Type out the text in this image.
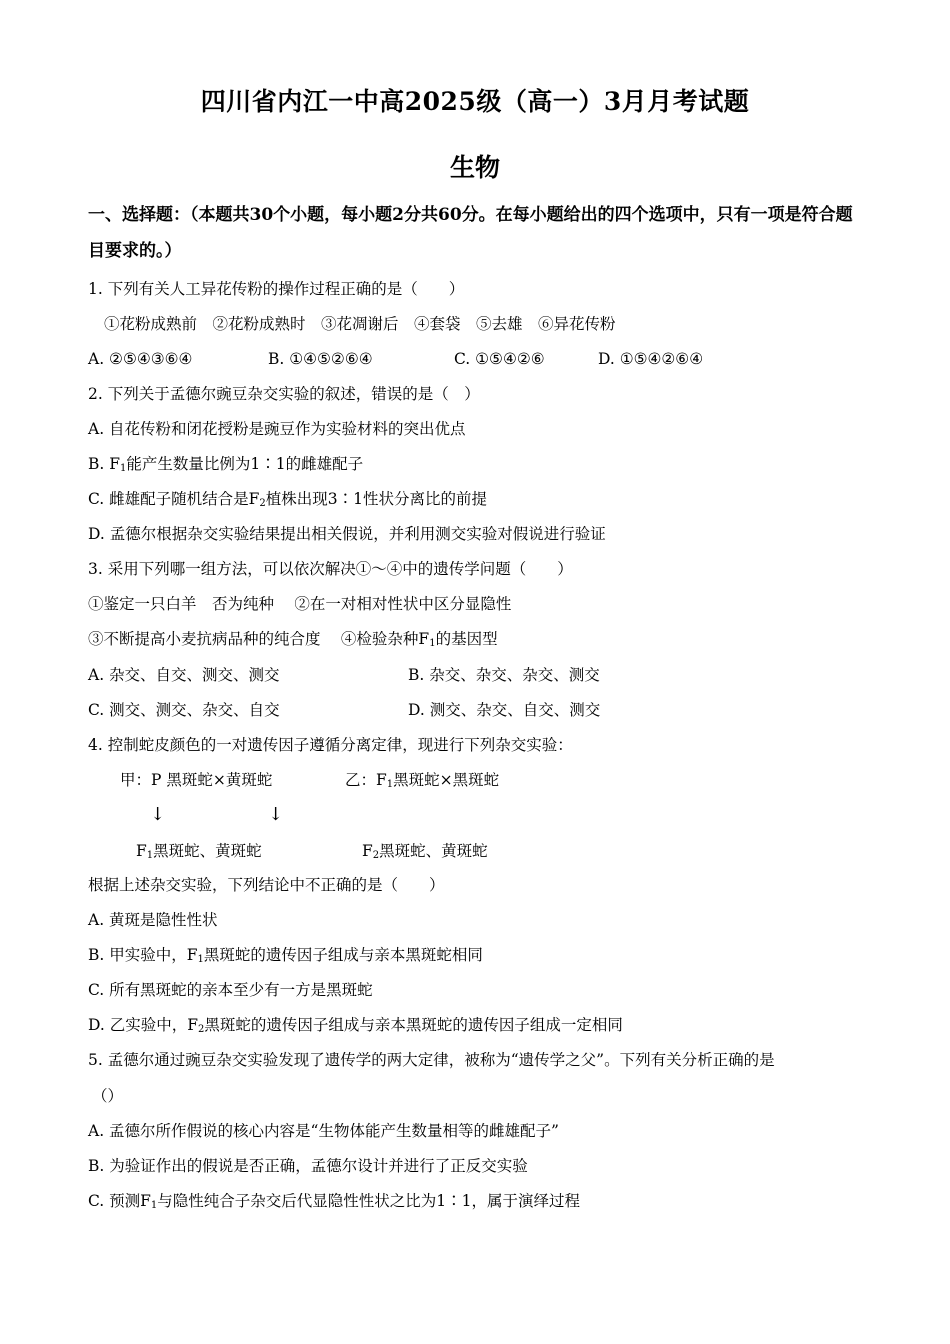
四川省内江一中高2025级（高一）3月月考试题
生物
一、选择题：（本题共30个小题，每小题2分共60分。在每小题给出的四个选项中，只有一项是符合题目要求的。）
1. 下列有关人工异花传粉的操作过程正确的是（　　）
①花粉成熟前　②花粉成熟时　③花凋谢后　④套袋　⑤去雄　⑥异花传粉
A. ②⑤④③⑥④	B. ①④⑤②⑥④	C. ①⑤④②⑥	D. ①⑤④②⑥④
2. 下列关于孟德尔豌豆杂交实验的叙述，错误的是（　）
A. 自花传粉和闭花授粉是豌豆作为实验材料的突出优点
B. $F_1$能产生数量比例为1∶1的雌雄配子
C. 雌雄配子随机结合是$F_2$植株出现3∶1性状分离比的前提
D. 孟德尔根据杂交实验结果提出相关假说，并利用测交实验对假说进行验证
3. 采用下列哪一组方法，可以依次解决①～④中的遗传学问题（　　）
①鉴定一只白羊　否为纯种　 ②在一对相对性状中区分显隐性
③不断提高小麦抗病品种的纯合度　 ④检验杂种$F_1$的基因型
A. 杂交、自交、测交、测交	B. 杂交、杂交、杂交、测交
C. 测交、测交、杂交、自交	D. 测交、杂交、自交、测交
4. 控制蛇皮颜色的一对遗传因子遵循分离定律，现进行下列杂交实验：
甲：P 黑斑蛇×黄斑蛇	乙：$F_1$黑斑蛇×黑斑蛇
↓	↓
$F_1$黑斑蛇、黄斑蛇	$F_2$黑斑蛇、黄斑蛇
根据上述杂交实验，下列结论中不正确的是（　　）
A. 黄斑是隐性性状
B. 甲实验中，$F_1$黑斑蛇的遗传因子组成与亲本黑斑蛇相同
C. 所有黑斑蛇的亲本至少有一方是黑斑蛇
D. 乙实验中，$F_2$黑斑蛇的遗传因子组成与亲本黑斑蛇的遗传因子组成一定相同
5. 孟德尔通过豌豆杂交实验发现了遗传学的两大定律，被称为“遗传学之父”。下列有关分析正确的是
（）
A. 孟德尔所作假说的核心内容是“生物体能产生数量相等的雌雄配子”
B. 为验证作出的假说是否正确，孟德尔设计并进行了正反交实验
C. 预测$F_1$与隐性纯合子杂交后代显隐性性状之比为1∶1，属于演绎过程
